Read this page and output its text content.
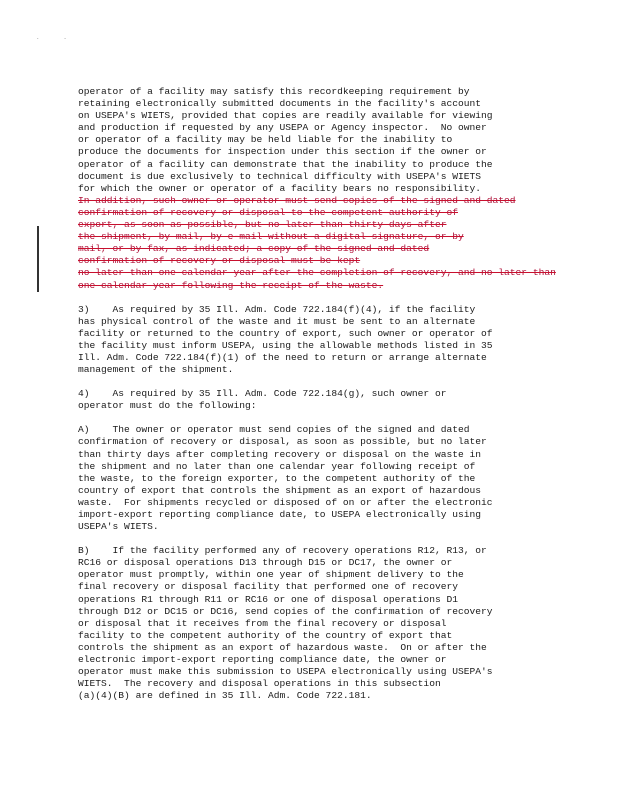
. .
operator of a facility may satisfy this recordkeeping requirement by
retaining electronically submitted documents in the facility's account
on USEPA's WIETS, provided that copies are readily available for viewing
and production if requested by any USEPA or Agency inspector.  No owner
or operator of a facility may be held liable for the inability to
produce the documents for inspection under this section if the owner or
operator of a facility can demonstrate that the inability to produce the
document is due exclusively to technical difficulty with USEPA's WIETS
for which the owner or operator of a facility bears no responsibility.
In addition, such owner or operator must send copies of the signed and dated
confirmation of recovery or disposal to the competent authority of
export, as soon as possible, but no later than thirty days after
the shipment, by mail, by e-mail without a digital signature, or by
mail, or by fax, as indicated; a copy of the signed and dated
confirmation of recovery or disposal must be kept
no later than one calendar year after the completion of recovery, and no later than
one calendar year following the receipt of the waste.
3)    As required by 35 Ill. Adm. Code 722.184(f)(4), if the facility
has physical control of the waste and it must be sent to an alternate
facility or returned to the country of export, such owner or operator of
the facility must inform USEPA, using the allowable methods listed in 35
Ill. Adm. Code 722.184(f)(1) of the need to return or arrange alternate
management of the shipment.
4)    As required by 35 Ill. Adm. Code 722.184(g), such owner or
operator must do the following:
A)    The owner or operator must send copies of the signed and dated
confirmation of recovery or disposal, as soon as possible, but no later
than thirty days after completing recovery or disposal on the waste in
the shipment and no later than one calendar year following receipt of
the waste, to the foreign exporter, to the competent authority of the
country of export that controls the shipment as an export of hazardous
waste.  For shipments recycled or disposed of on or after the electronic
import-export reporting compliance date, to USEPA electronically using
USEPA's WIETS.
B)    If the facility performed any of recovery operations R12, R13, or
RC16 or disposal operations D13 through D15 or DC17, the owner or
operator must promptly, within one year of shipment delivery to the
final recovery or disposal facility that performed one of recovery
operations R1 through R11 or RC16 or one of disposal operations D1
through D12 or DC15 or DC16, send copies of the confirmation of recovery
or disposal that it receives from the final recovery or disposal
facility to the competent authority of the country of export that
controls the shipment as an export of hazardous waste.  On or after the
electronic import-export reporting compliance date, the owner or
operator must make this submission to USEPA electronically using USEPA's
WIETS.  The recovery and disposal operations in this subsection
(a)(4)(B) are defined in 35 Ill. Adm. Code 722.181.
